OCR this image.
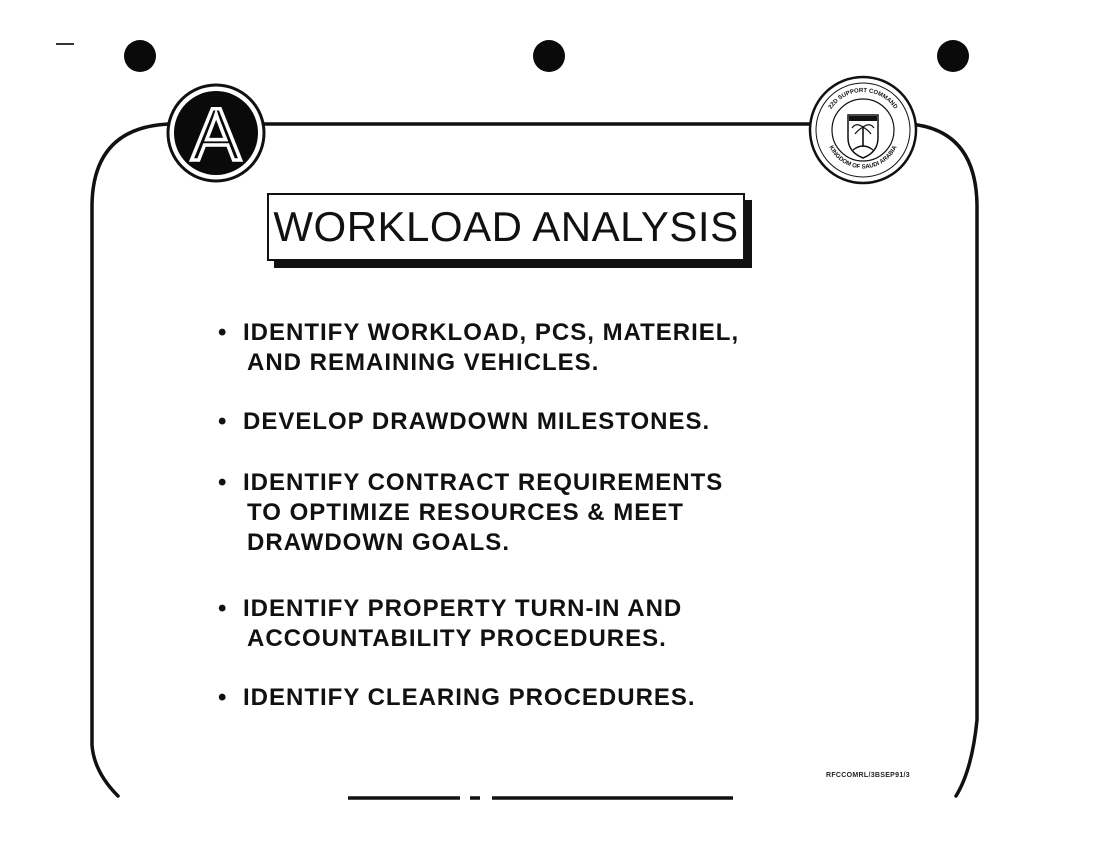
A	22D SUPPORT COMMAND
KINGDOM OF SAUDI ARABIA
WORKLOAD ANALYSIS
• IDENTIFY WORKLOAD, PCS, MATERIEL,
AND REMAINING VEHICLES.
• DEVELOP DRAWDOWN MILESTONES.
• IDENTIFY CONTRACT REQUIREMENTS
TO OPTIMIZE RESOURCES & MEET
DRAWDOWN GOALS.
• IDENTIFY PROPERTY TURN-IN AND
ACCOUNTABILITY PROCEDURES.
• IDENTIFY CLEARING PROCEDURES.
RFCCOMRL/3BSEP91/3
